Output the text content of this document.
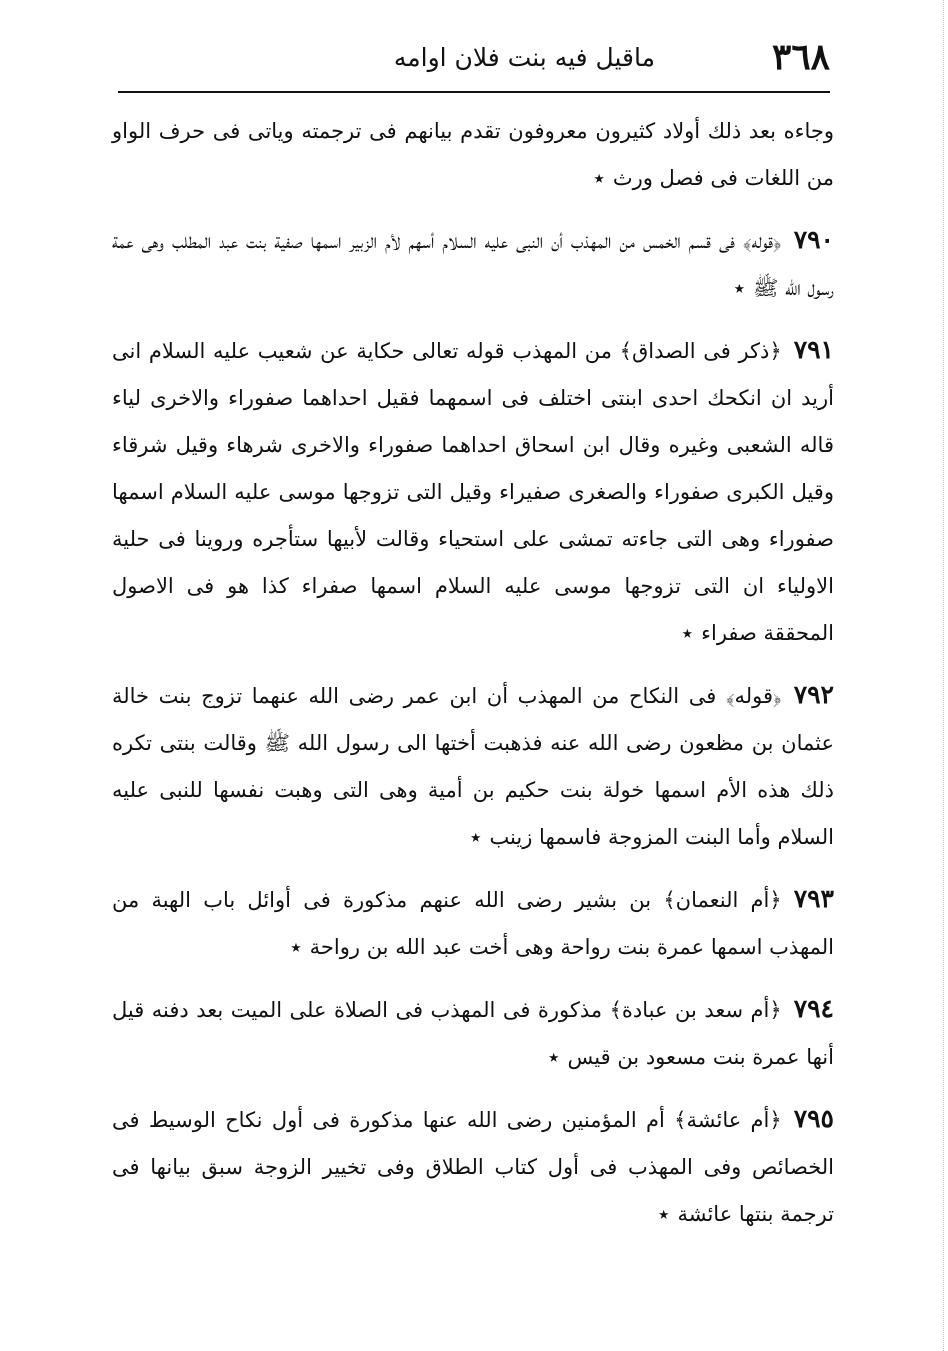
٣٦٨
ماقيل فيه بنت فلان اوامه

وجاءه بعد ذلك أولاد كثيرون معروفون تقدم بيانهم فى ترجمته وياتى فى حرف الواو من اللغات فى فصل ورث٭

٧٩٠﴿قوله﴾ فى قسم الخمس من المهذب أن النبى عليه السلام أسهم لأم الزبير اسمها صفية بنت عبد المطلب وهى عمة رسول الله ﷺ٭

٧٩١﴿ذكر فى الصداق﴾ من المهذب قوله تعالى حكاية عن شعيب عليه السلام انى أريد ان انكحك احدى ابنتى اختلف فى اسمهما فقيل احداهما صفوراء والاخرى لياء قاله الشعبى وغيره وقال ابن اسحاق احداهما صفوراء والاخرى شرهاء وقيل شرقاء وقيل الكبرى صفوراء والصغرى صفيراء وقيل التى تزوجها موسى عليه السلام اسمها صفوراء وهى التى جاءته تمشى على استحياء وقالت لأبيها ستأجره وروينا فى حلية الاولياء ان التى تزوجها موسى عليه السلام اسمها صفراء كذا هو فى الاصول المحققة صفراء٭

٧٩٢﴿قوله﴾ فى النكاح من المهذب أن ابن عمر رضى الله عنهما تزوج بنت خالة عثمان بن مظعون رضى الله عنه فذهبت أختها الى رسول الله ﷺ وقالت بنتى تكره ذلك هذه الأم اسمها خولة بنت حكيم بن أمية وهى التى وهبت نفسها للنبى عليه السلام وأما البنت المزوجة فاسمها زينب٭

٧٩٣﴿أم النعمان﴾ بن بشير رضى الله عنهم مذكورة فى أوائل باب الهبة من المهذب اسمها عمرة بنت رواحة وهى أخت عبد الله بن رواحة٭

٧٩٤﴿أم سعد بن عبادة﴾ مذكورة فى المهذب فى الصلاة على الميت بعد دفنه قيل أنها عمرة بنت مسعود بن قيس٭

٧٩٥﴿أم عائشة﴾ أم المؤمنين رضى الله عنها مذكورة فى أول نكاح الوسيط فى الخصائص وفى المهذب فى أول كتاب الطلاق وفى تخيير الزوجة سبق بيانها فى ترجمة بنتها عائشة٭
